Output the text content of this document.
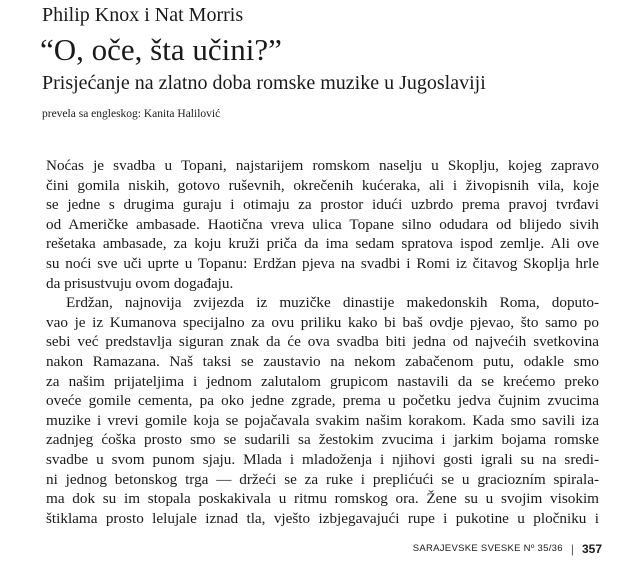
Philip Knox i Nat Morris
“O, oče, šta učini?”
Prisjećanje na zlatno doba romske muzike u Jugoslaviji
prevela sa engleskog: Kanita Halilović
Noćas je svadba u Topani, najstarijem romskom naselju u Skoplju, kojeg zapravo
čini gomila niskih, gotovo ruševnih, okrečenih kućeraka, ali i živopisnih vila, koje
se jedne s drugima guraju i otimaju za prostor idući uzbrdo prema pravoj tvrđavi
od Američke ambasade. Haotična vreva ulica Topane silno odudara od blijedo sivih
rešetaka ambasade, za koju kruži priča da ima sedam spratova ispod zemlje. Ali ove
su noći sve uči uprte u Topanu: Erdžan pjeva na svadbi i Romi iz čitavog Skoplja hrle
da prisustvuju ovom događaju.
Erdžan, najnovija zvijezda iz muzičke dinastije makedonskih Roma, doputo-
vao je iz Kumanova specijalno za ovu priliku kako bi baš ovdje pjevao, što samo po
sebi već predstavlja siguran znak da će ova svadba biti jedna od najvećih svetkovina
nakon Ramazana. Naš taksi se zaustavio na nekom zabačenom putu, odakle smo
za našim prijateljima i jednom zalutalom grupicom nastavili da se krećemo preko
oveće gomile cementa, pa oko jedne zgrade, prema u početku jedva čujnim zvucima
muzike i vrevi gomile koja se pojačavala svakim našim korakom. Kada smo savili iza
zadnjeg ćoška prosto smo se sudarili sa žestokim zvucima i jarkim bojama romske
svadbe u svom punom sjaju. Mlada i mladoženja i njihovi gosti igrali su na sredi-
ni jednog betonskog trga — držeći se za ruke i preplićući se u graciozním spirala-
ma dok su im stopala poskakivala u ritmu romskog ora. Žene su u svojim visokim
štiklama prosto lelujale iznad tla, vješto izbjegavajući rupe i pukotine u pločniku i
SARAJEVSKE SVESKE Nº 35/36 | 357
